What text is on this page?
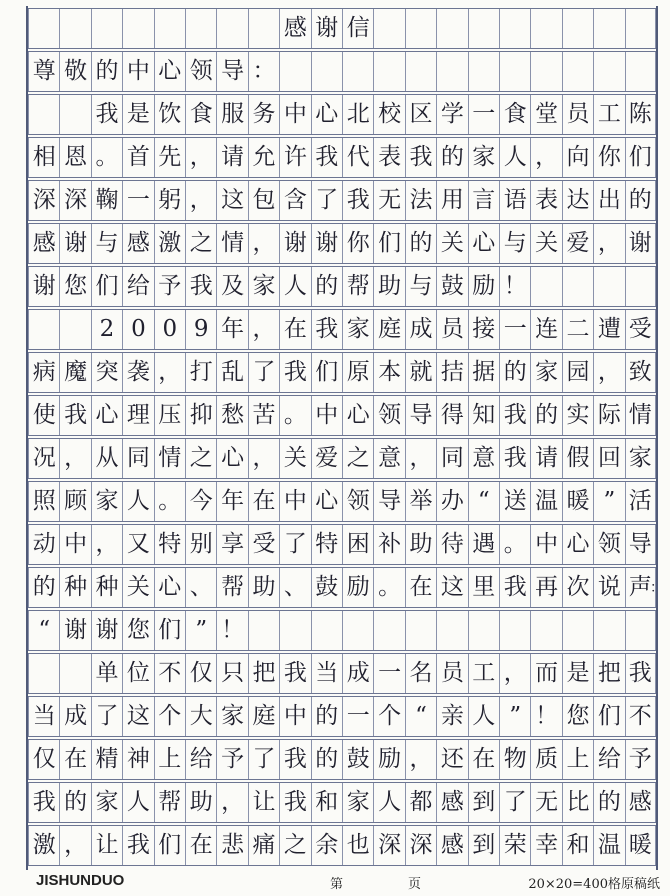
感 谢 信
尊 敬 的 中 心 领 导 ：
我 是 饮 食 服 务 中 心 北 校 区 学 一 食 堂 员 工 陈
相 恩 。 首 先 ， 请 允 许 我 代 表 我 的 家 人 ， 向 你 们
深 深 鞠 一 躬 ， 这 包 含 了 我 无 法 用 言 语 表 达 出 的
感 谢 与 感 激 之 情 ， 谢 谢 你 们 的 关 心 与 关 爱 ， 谢
谢 您 们 给 予 我 及 家 人 的 帮 助 与 鼓 励 ！
2 0 0 9 年 ， 在 我 家 庭 成 员 接 一 连 二 遭 受
病 魔 突 袭 ， 打 乱 了 我 们 原 本 就 拮 据 的 家 园 ， 致
使 我 心 理 压 抑 愁 苦 。 中 心 领 导 得 知 我 的 实 际 情
况 ， 从 同 情 之 心 ， 关 爱 之 意 ， 同 意 我 请 假 回 家
照 顾 家 人 。 今 年 在 中 心 领 导 举 办 “ 送 温 暖 ” 活
动 中 ， 又 特 别 享 受 了 特 困 补 助 待 遇 。 中 心 领 导
的 种 种 关 心 、 帮 助 、 鼓 励 。 在 这 里 我 再 次 说 声
：
“ 谢 谢 您 们 ” ！
单 位 不 仅 只 把 我 当 成 一 名 员 工 ， 而 是 把 我
当 成 了 这 个 大 家 庭 中 的 一 个 “ 亲 人 ” ！ 您 们 不
仅 在 精 神 上 给 予 了 我 的 鼓 励 ， 还 在 物 质 上 给 予
我 的 家 人 帮 助 ， 让 我 和 家 人 都 感 到 了 无 比 的 感
激 ， 让 我 们 在 悲 痛 之 余 也 深 深 感 到 荣 幸 和 温 暖
JISHUNDUO	第	页	20×20=400格原稿纸
